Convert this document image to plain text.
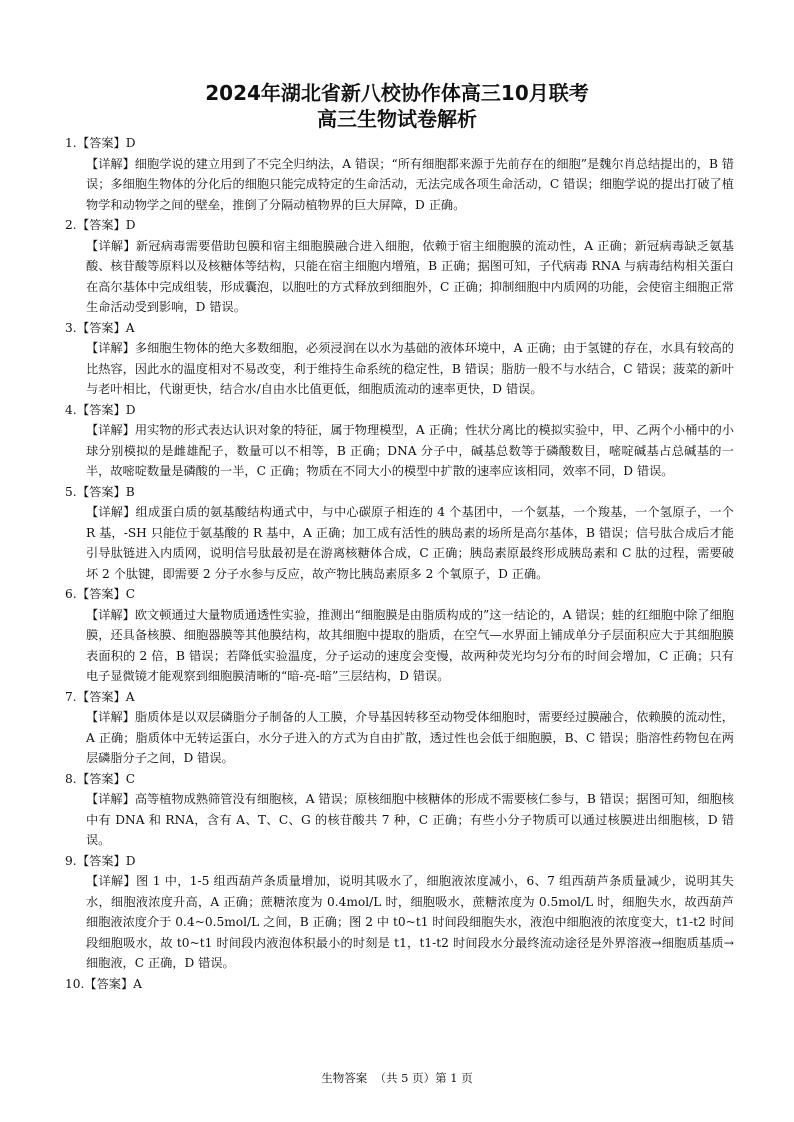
2024年湖北省新八校协作体高三10月联考
高三生物试卷解析
1.【答案】D
【详解】细胞学说的建立用到了不完全归纳法，A 错误；“所有细胞都来源于先前存在的细胞”是魏尔肖总结提出的，B 错误；多细胞生物体的分化后的细胞只能完成特定的生命活动，无法完成各项生命活动，C 错误；细胞学说的提出打破了植物学和动物学之间的壁垒，推倒了分隔动植物界的巨大屏障，D 正确。
2.【答案】D
【详解】新冠病毒需要借助包膜和宿主细胞膜融合进入细胞，依赖于宿主细胞膜的流动性，A 正确；新冠病毒缺乏氨基酸、核苷酸等原料以及核糖体等结构，只能在宿主细胞内增殖，B 正确；据图可知，子代病毒 RNA 与病毒结构相关蛋白在高尔基体中完成组装，形成囊泡，以胞吐的方式释放到细胞外，C 正确；抑制细胞中内质网的功能，会使宿主细胞正常生命活动受到影响，D 错误。
3.【答案】A
【详解】多细胞生物体的绝大多数细胞，必须浸润在以水为基础的液体环境中，A 正确；由于氢键的存在，水具有较高的比热容，因此水的温度相对不易改变，利于维持生命系统的稳定性，B 错误；脂肪一般不与水结合，C 错误；菠菜的新叶与老叶相比，代谢更快，结合水/自由水比值更低，细胞质流动的速率更快，D 错误。
4.【答案】D
【详解】用实物的形式表达认识对象的特征，属于物理模型，A 正确；性状分离比的模拟实验中，甲、乙两个小桶中的小球分别模拟的是雌雄配子，数量可以不相等，B 正确；DNA 分子中，碱基总数等于磷酸数目，嘧啶碱基占总碱基的一半，故嘧啶数量是磷酸的一半，C 正确；物质在不同大小的模型中扩散的速率应该相同，效率不同，D 错误。
5.【答案】B
【详解】组成蛋白质的氨基酸结构通式中，与中心碳原子相连的 4 个基团中，一个氨基，一个羧基，一个氢原子，一个 R 基，-SH 只能位于氨基酸的 R 基中，A 正确；加工成有活性的胰岛素的场所是高尔基体，B 错误；信号肽合成后才能引导肽链进入内质网，说明信号肽最初是在游离核糖体合成，C 正确；胰岛素原最终形成胰岛素和 C 肽的过程，需要破坏 2 个肽键，即需要 2 分子水参与反应，故产物比胰岛素原多 2 个氧原子，D 正确。
6.【答案】C
【详解】欧文顿通过大量物质通透性实验，推测出“细胞膜是由脂质构成的”这一结论的，A 错误；蛙的红细胞中除了细胞膜，还具备核膜、细胞器膜等其他膜结构，故其细胞中提取的脂质，在空气—水界面上铺成单分子层面积应大于其细胞膜表面积的 2 倍，B 错误；若降低实验温度，分子运动的速度会变慢，故两种荧光均匀分布的时间会增加，C 正确；只有电子显微镜才能观察到细胞膜清晰的“暗-亮-暗”三层结构，D 错误。
7.【答案】A
【详解】脂质体是以双层磷脂分子制备的人工膜，介导基因转移至动物受体细胞时，需要经过膜融合，依赖膜的流动性，A 正确；脂质体中无转运蛋白，水分子进入的方式为自由扩散，透过性也会低于细胞膜，B、C 错误；脂溶性药物包在两层磷脂分子之间，D 错误。
8.【答案】C
【详解】高等植物成熟筛管没有细胞核，A 错误；原核细胞中核糖体的形成不需要核仁参与，B 错误；据图可知，细胞核中有 DNA 和 RNA，含有 A、T、C、G 的核苷酸共 7 种，C 正确；有些小分子物质可以通过核膜进出细胞核，D 错误。
9.【答案】D
【详解】图 1 中，1-5 组西葫芦条质量增加，说明其吸水了，细胞液浓度减小，6、7 组西葫芦条质量减少，说明其失水，细胞液浓度升高，A 正确；蔗糖浓度为 0.4mol/L 时，细胞吸水，蔗糖浓度为 0.5mol/L 时，细胞失水，故西葫芦细胞液浓度介于 0.4~0.5mol/L 之间，B 正确；图 2 中 t0~t1 时间段细胞失水，液泡中细胞液的浓度变大，t1-t2 时间段细胞吸水，故 t0~t1 时间段内液泡体积最小的时刻是 t1，t1-t2 时间段水分最终流动途径是外界溶液→细胞质基质→细胞液，C 正确，D 错误。
10.【答案】A
生物答案  （共 5 页）第 1 页
